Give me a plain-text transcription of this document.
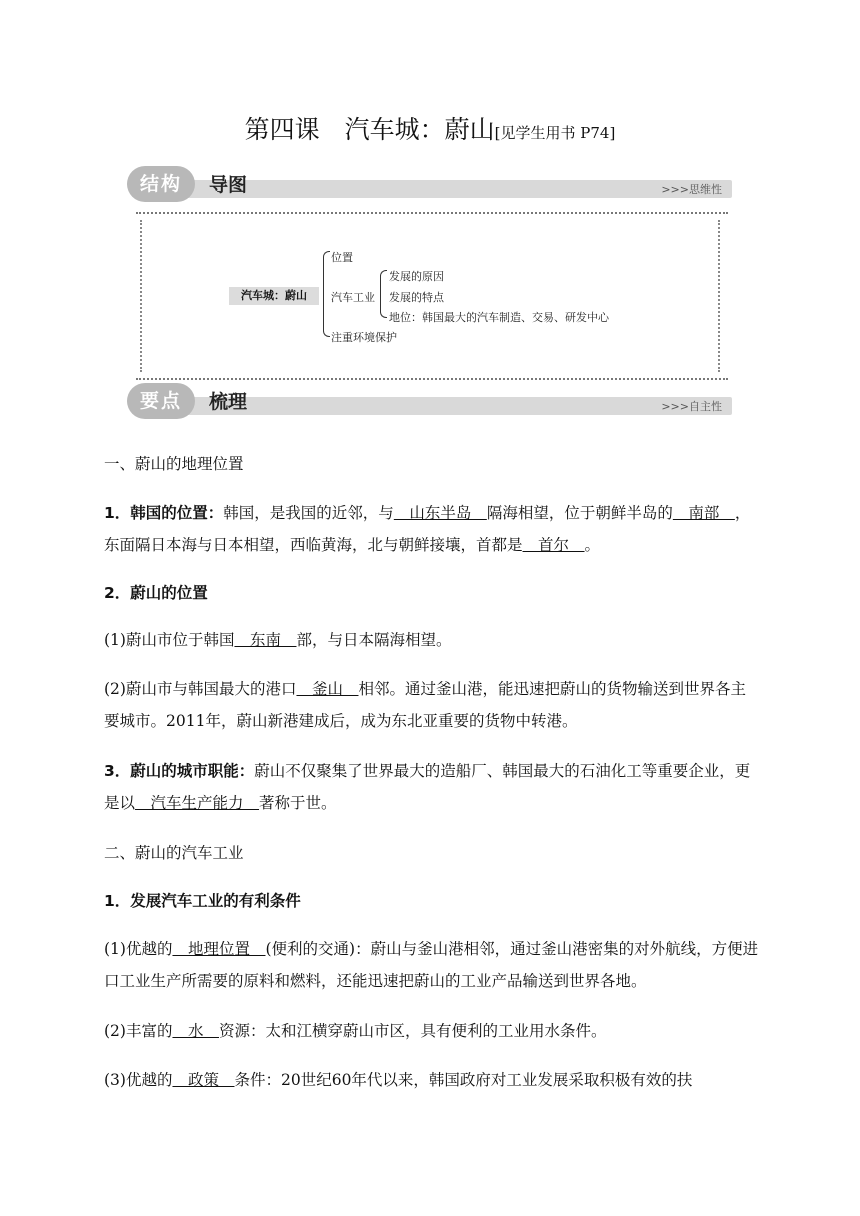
第四课　汽车城：蔚山[见学生用书 P74]
结构	导图	>>>思维性
汽车城：蔚山
位置
汽车工业
发展的原因
发展的特点
地位：韩国最大的汽车制造、交易、研发中心
注重环境保护
要点	梳理	>>>自主性
一、蔚山的地理位置
1．韩国的位置：韩国，是我国的近邻，与　山东半岛　隔海相望，位于朝鲜半岛的　南部　，东面隔日本海与日本相望，西临黄海，北与朝鲜接壤，首都是　首尔　。
2．蔚山的位置
(1)蔚山市位于韩国　东南　部，与日本隔海相望。
(2)蔚山市与韩国最大的港口　釜山　相邻。通过釜山港，能迅速把蔚山的货物输送到世界各主要城市。2011年，蔚山新港建成后，成为东北亚重要的货物中转港。
3．蔚山的城市职能：蔚山不仅聚集了世界最大的造船厂、韩国最大的石油化工等重要企业，更是以　汽车生产能力　著称于世。
二、蔚山的汽车工业
1．发展汽车工业的有利条件
(1)优越的　地理位置　(便利的交通)：蔚山与釜山港相邻，通过釜山港密集的对外航线，方便进口工业生产所需要的原料和燃料，还能迅速把蔚山的工业产品输送到世界各地。
(2)丰富的　水　资源：太和江横穿蔚山市区，具有便利的工业用水条件。
(3)优越的　政策　条件：20世纪60年代以来，韩国政府对工业发展采取积极有效的扶
